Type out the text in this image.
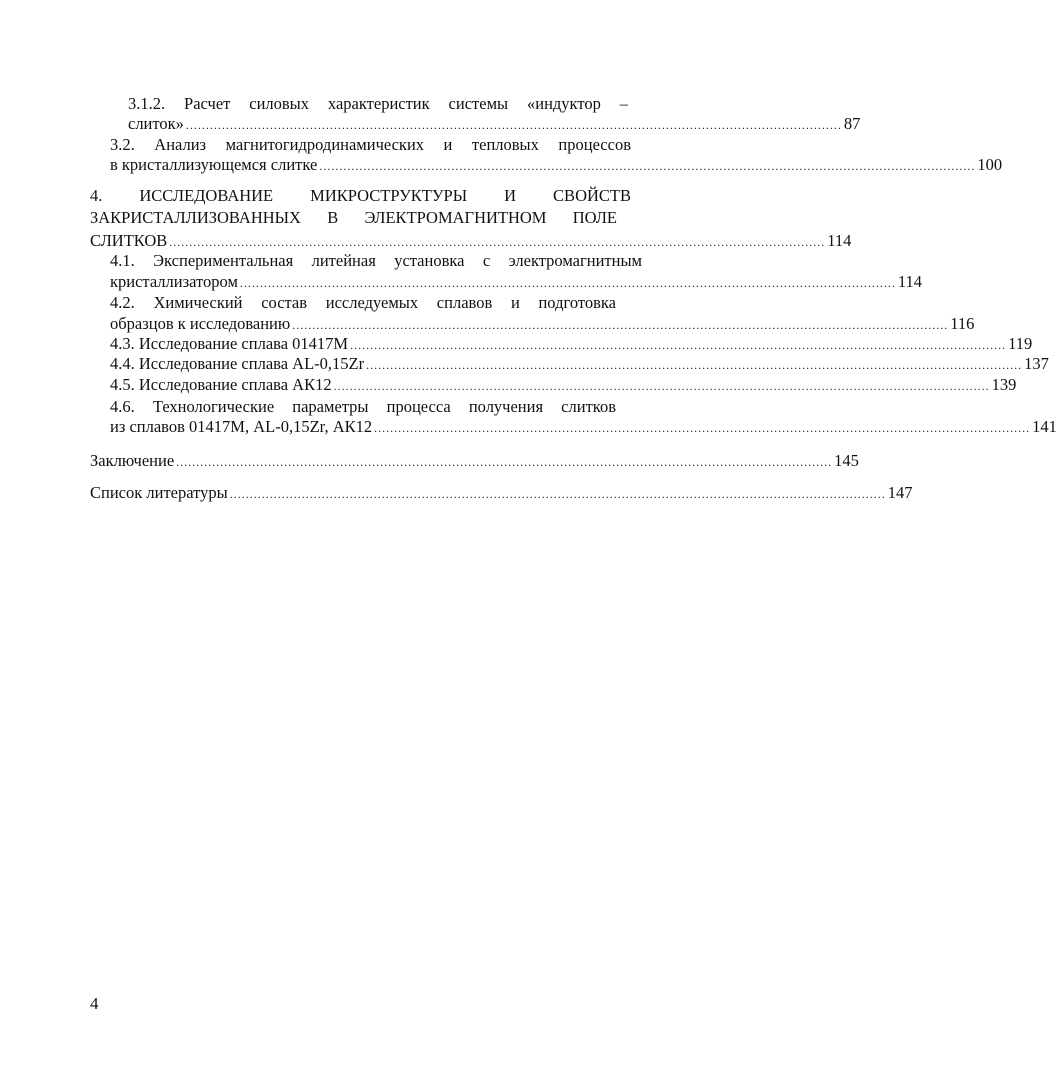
3.1.2. Расчет силовых характеристик системы «индуктор –
слиток» .................................................................................................................................................................... 87
3.2. Анализ магнитогидродинамических и тепловых процессов
в кристаллизующемся слитке .................................................................................................................................................................... 100
4. ИССЛЕДОВАНИЕ МИКРОСТРУКТУРЫ И СВОЙСТВ
ЗАКРИСТАЛЛИЗОВАННЫХ В ЭЛЕКТРОМАГНИТНОМ ПОЛЕ
СЛИТКОВ .................................................................................................................................................................... 114
4.1. Экспериментальная литейная установка с электромагнитным
кристаллизатором .................................................................................................................................................................... 114
4.2. Химический состав исследуемых сплавов и подготовка
образцов к исследованию .................................................................................................................................................................... 116
4.3. Исследование сплава 01417М .................................................................................................................................................................... 119
4.4. Исследование сплава AL-0,15Zr .................................................................................................................................................................... 137
4.5. Исследование сплава АК12 .................................................................................................................................................................... 139
4.6. Технологические параметры процесса получения слитков
из сплавов 01417М, AL-0,15Zr, АК12 .................................................................................................................................................................... 141
Заключение .................................................................................................................................................................... 145
Список литературы .................................................................................................................................................................... 147
4
